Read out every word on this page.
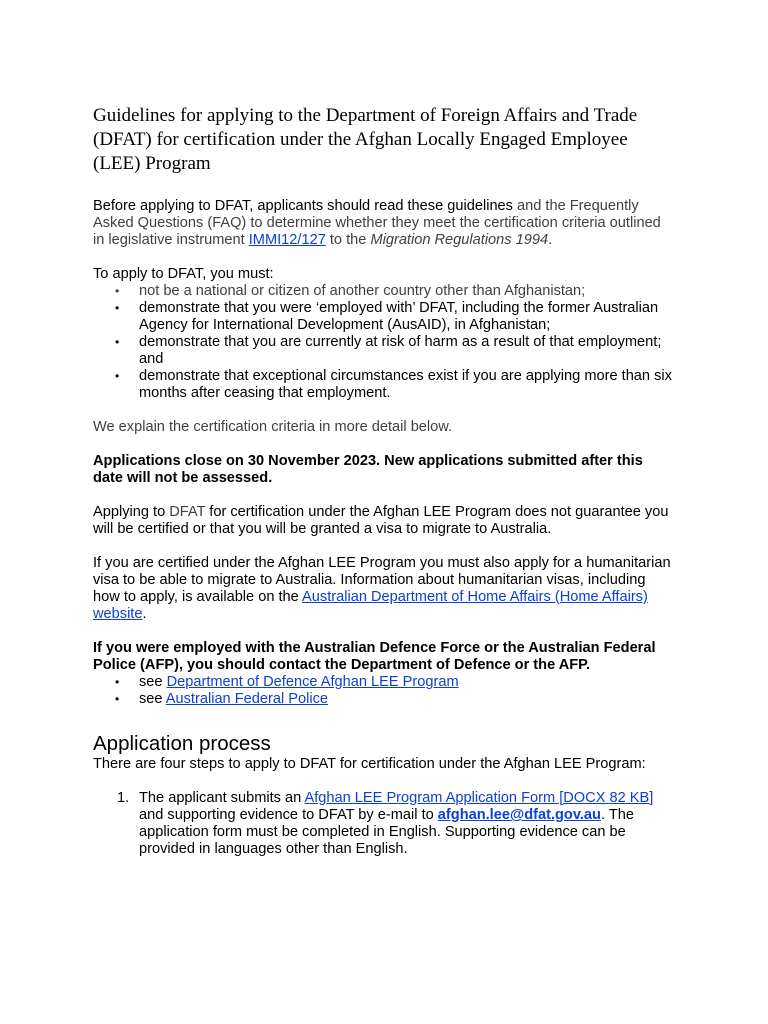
Guidelines for applying to the Department of Foreign Affairs and Trade (DFAT) for certification under the Afghan Locally Engaged Employee (LEE) Program

Before applying to DFAT, applicants should read these guidelines and the Frequently Asked Questions (FAQ) to determine whether they meet the certification criteria outlined in legislative instrument IMMI12/127 to the Migration Regulations 1994.

To apply to DFAT, you must:

• not be a national or citizen of another country other than Afghanistan;
• demonstrate that you were ‘employed with’ DFAT, including the former Australian Agency for International Development (AusAID), in Afghanistan;
• demonstrate that you are currently at risk of harm as a result of that employment; and
• demonstrate that exceptional circumstances exist if you are applying more than six months after ceasing that employment.

We explain the certification criteria in more detail below.

Applications close on 30 November 2023. New applications submitted after this date will not be assessed.

Applying to DFAT for certification under the Afghan LEE Program does not guarantee you will be certified or that you will be granted a visa to migrate to Australia.

If you are certified under the Afghan LEE Program you must also apply for a humanitarian visa to be able to migrate to Australia. Information about humanitarian visas, including how to apply, is available on the Australian Department of Home Affairs (Home Affairs) website.

If you were employed with the Australian Defence Force or the Australian Federal Police (AFP), you should contact the Department of Defence or the AFP.

• see Department of Defence Afghan LEE Program
• see Australian Federal Police
Application process

There are four steps to apply to DFAT for certification under the Afghan LEE Program:

1. The applicant submits an Afghan LEE Program Application Form [DOCX 82 KB] and supporting evidence to DFAT by e-mail to afghan.lee@dfat.gov.au. The application form must be completed in English. Supporting evidence can be provided in languages other than English.
